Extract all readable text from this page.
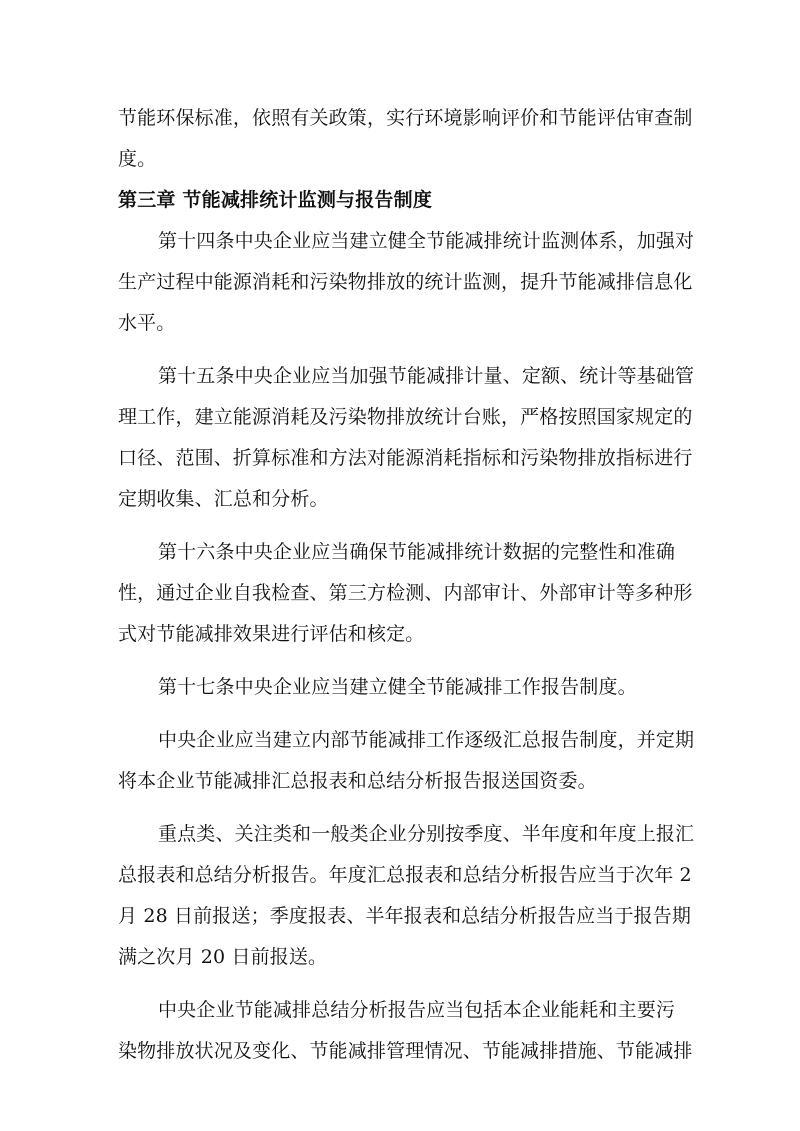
节能环保标准，依照有关政策，实行环境影响评价和节能评估审查制
度。
第三章 节能减排统计监测与报告制度
第十四条中央企业应当建立健全节能减排统计监测体系，加强对
生产过程中能源消耗和污染物排放的统计监测，提升节能减排信息化
水平。
第十五条中央企业应当加强节能减排计量、定额、统计等基础管
理工作，建立能源消耗及污染物排放统计台账，严格按照国家规定的
口径、范围、折算标准和方法对能源消耗指标和污染物排放指标进行
定期收集、汇总和分析。
第十六条中央企业应当确保节能减排统计数据的完整性和准确
性，通过企业自我检查、第三方检测、内部审计、外部审计等多种形
式对节能减排效果进行评估和核定。
第十七条中央企业应当建立健全节能减排工作报告制度。
中央企业应当建立内部节能减排工作逐级汇总报告制度，并定期
将本企业节能减排汇总报表和总结分析报告报送国资委。
重点类、关注类和一般类企业分别按季度、半年度和年度上报汇
总报表和总结分析报告。年度汇总报表和总结分析报告应当于次年 2
月 28 日前报送；季度报表、半年报表和总结分析报告应当于报告期
满之次月 20 日前报送。
中央企业节能减排总结分析报告应当包括本企业能耗和主要污
染物排放状况及变化、节能减排管理情况、节能减排措施、节能减排
